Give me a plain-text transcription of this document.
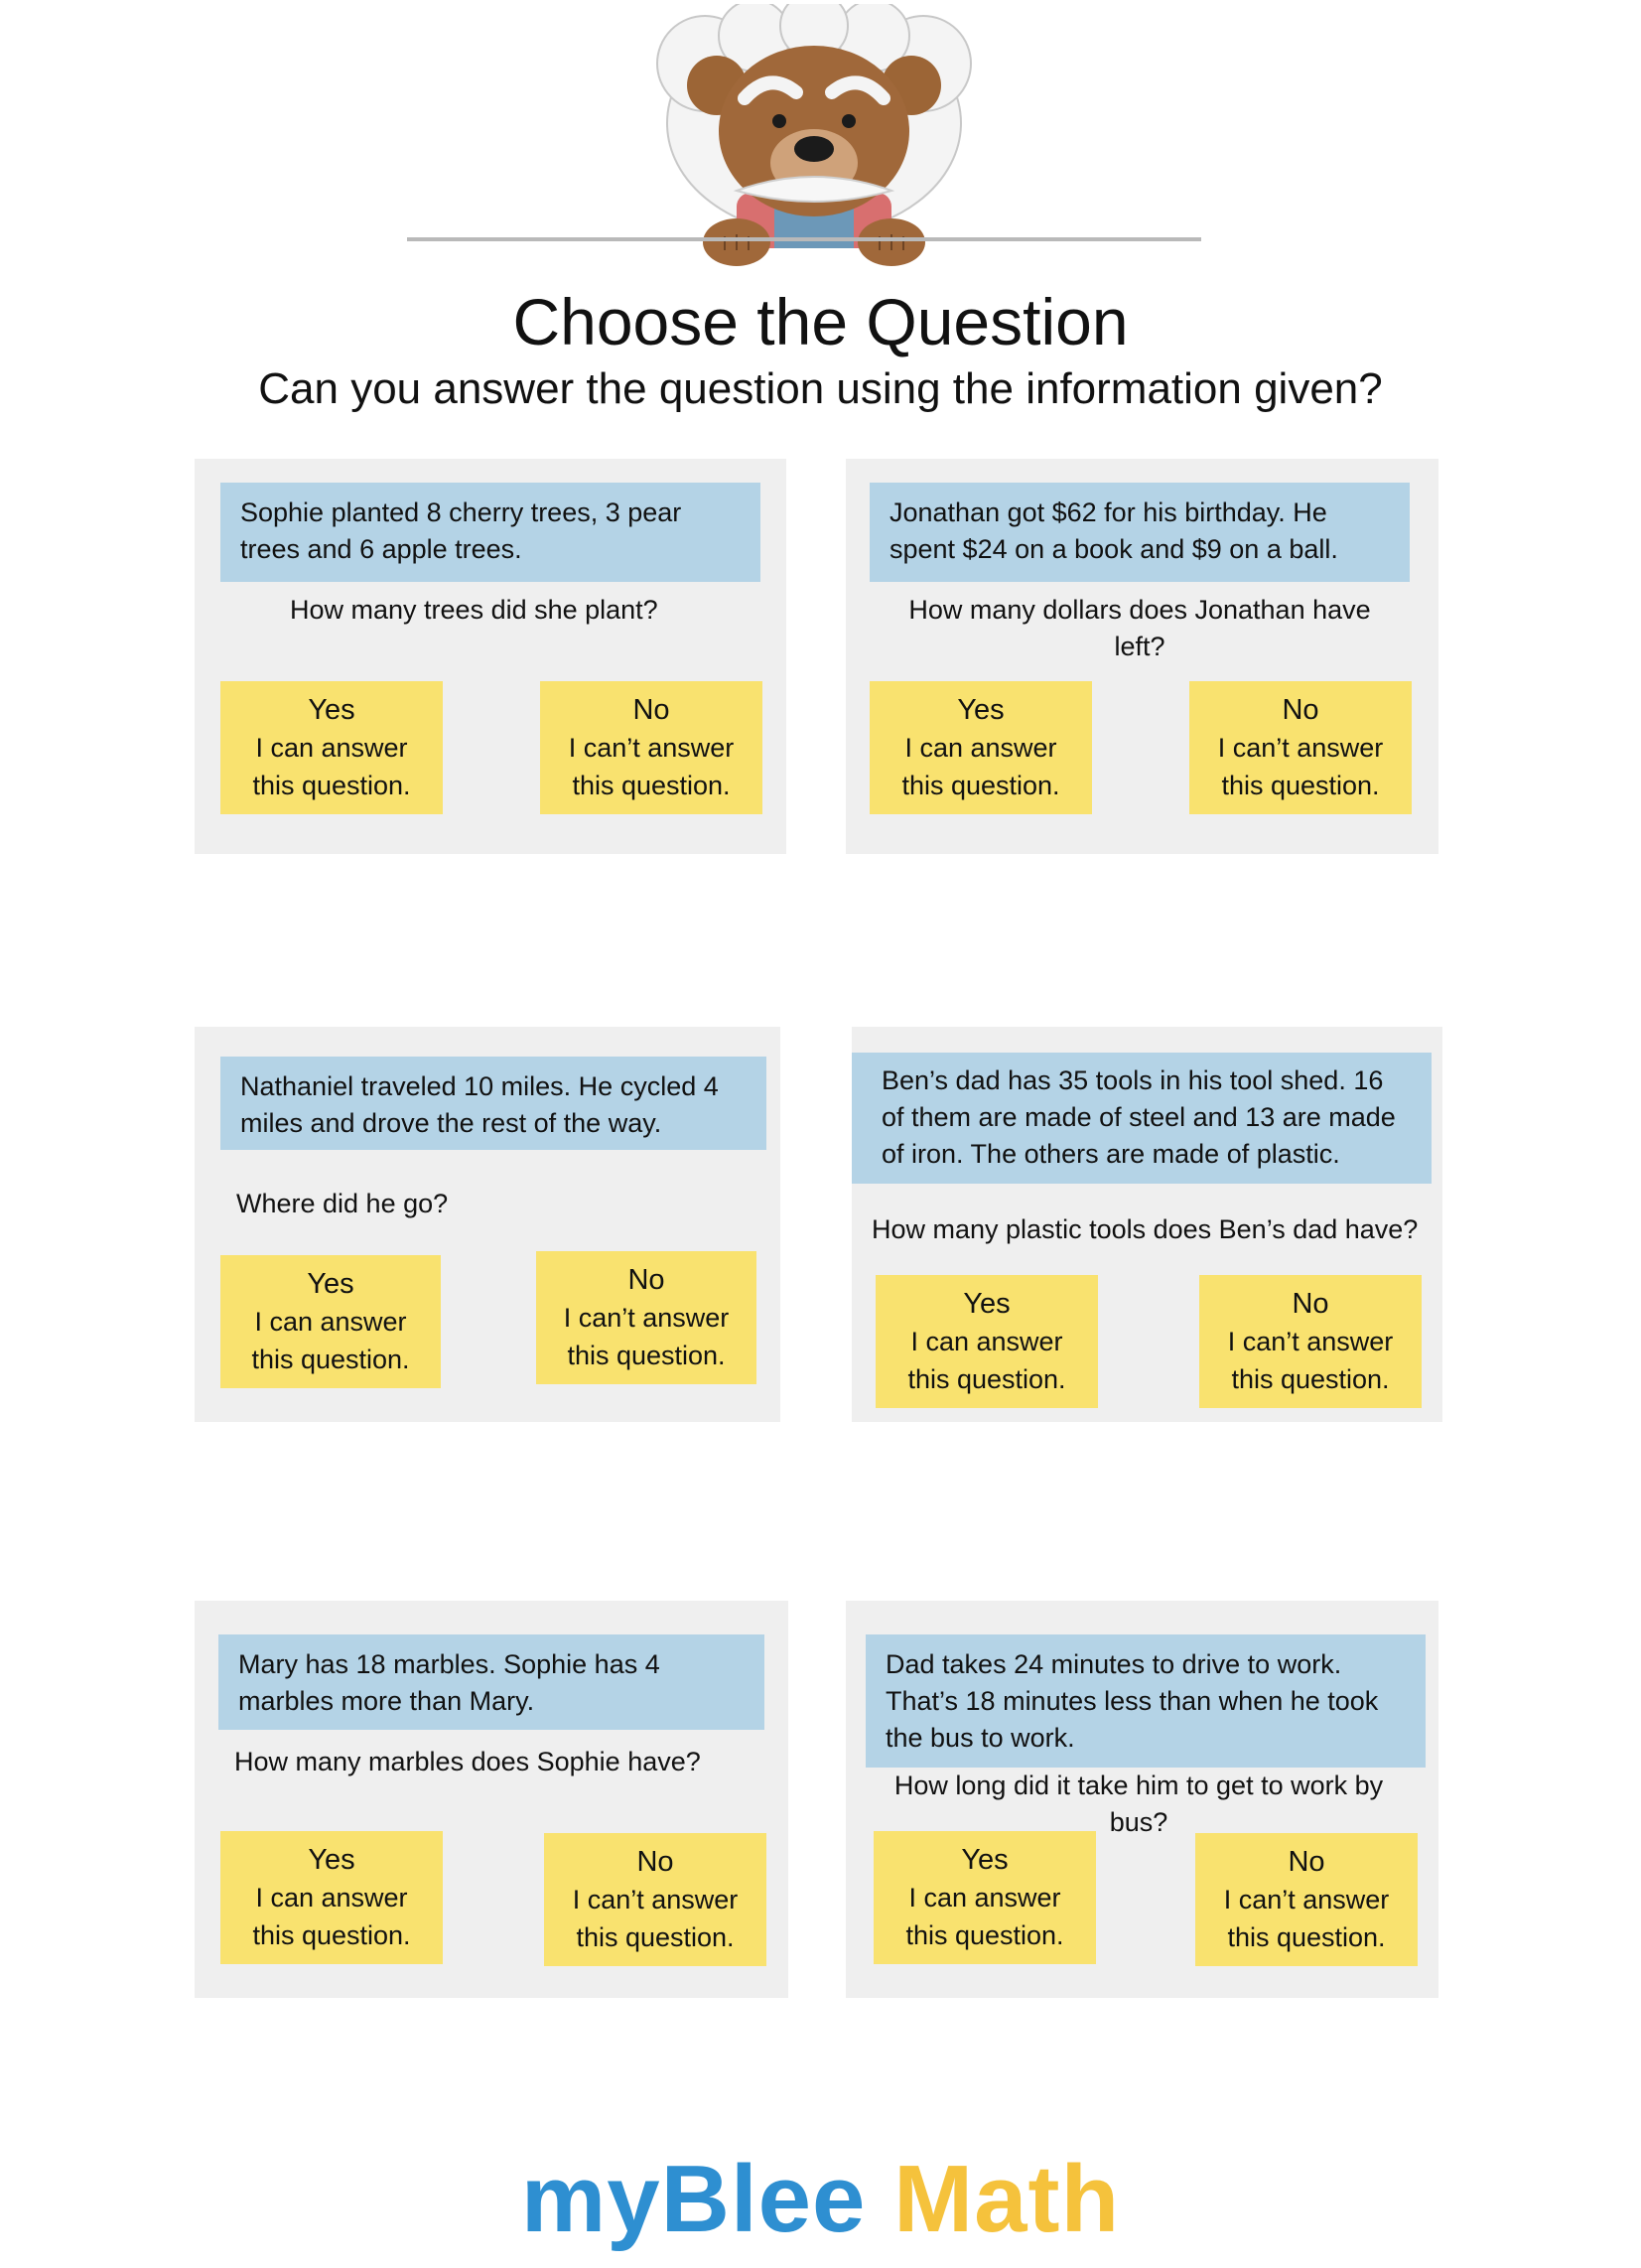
Choose the Question
Can you answer the question using the information given?
Sophie planted 8 cherry trees, 3 pear trees and 6 apple trees.
How many trees did she plant?
Yes
I can answer
this question.
No
I can’t answer
this question.
Jonathan got $62 for his birthday. He spent $24 on a book and $9 on a ball.
How many dollars does Jonathan have left?
Yes
I can answer
this question.
No
I can’t answer
this question.
Nathaniel traveled 10 miles. He cycled 4 miles and drove the rest of the way.
Where did he go?
Yes
I can answer
this question.
No
I can’t answer
this question.
Ben’s dad has 35 tools in his tool shed. 16 of them are made of steel and 13 are made of iron. The others are made of plastic.
How many plastic tools does Ben’s dad have?
Yes
I can answer
this question.
No
I can’t answer
this question.
Mary has 18 marbles. Sophie has 4 marbles more than Mary.
How many marbles does Sophie have?
Yes
I can answer
this question.
No
I can’t answer
this question.
Dad takes 24 minutes to drive to work. That’s 18 minutes less than when he took the bus to work.
How long did it take him to get to work by bus?
Yes
I can answer
this question.
No
I can’t answer
this question.
myBlee Math
